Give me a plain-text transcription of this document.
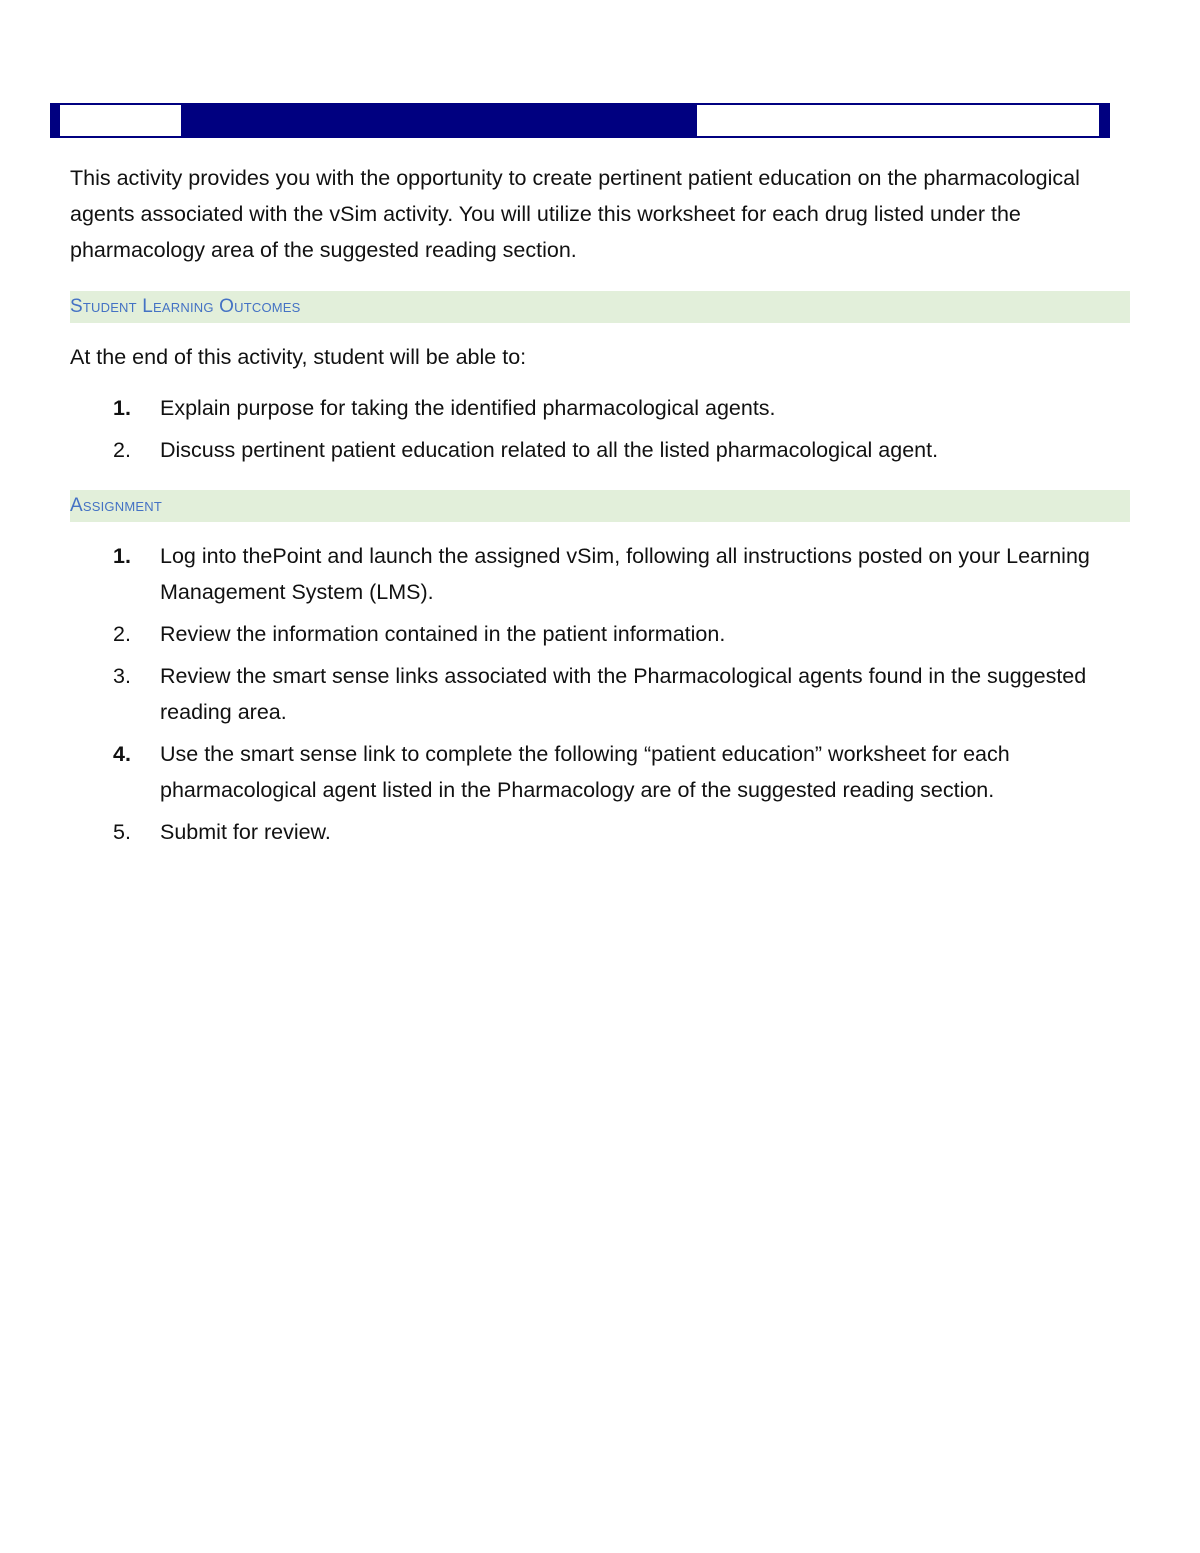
This activity provides you with the opportunity to create pertinent patient education on the pharmacological agents associated with the vSim activity. You will utilize this worksheet for each drug listed under the pharmacology area of the suggested reading section.

Student Learning Outcomes

At the end of this activity, student will be able to:

1. Explain purpose for taking the identified pharmacological agents.
2. Discuss pertinent patient education related to all the listed pharmacological agent.
Assignment
1. Log into thePoint and launch the assigned vSim, following all instructions posted on your Learning Management System (LMS).
2. Review the information contained in the patient information.
3. Review the smart sense links associated with the Pharmacological agents found in the suggested reading area.
4. Use the smart sense link to complete the following “patient education” worksheet for each pharmacological agent listed in the Pharmacology are of the suggested reading section.
5. Submit for review.
